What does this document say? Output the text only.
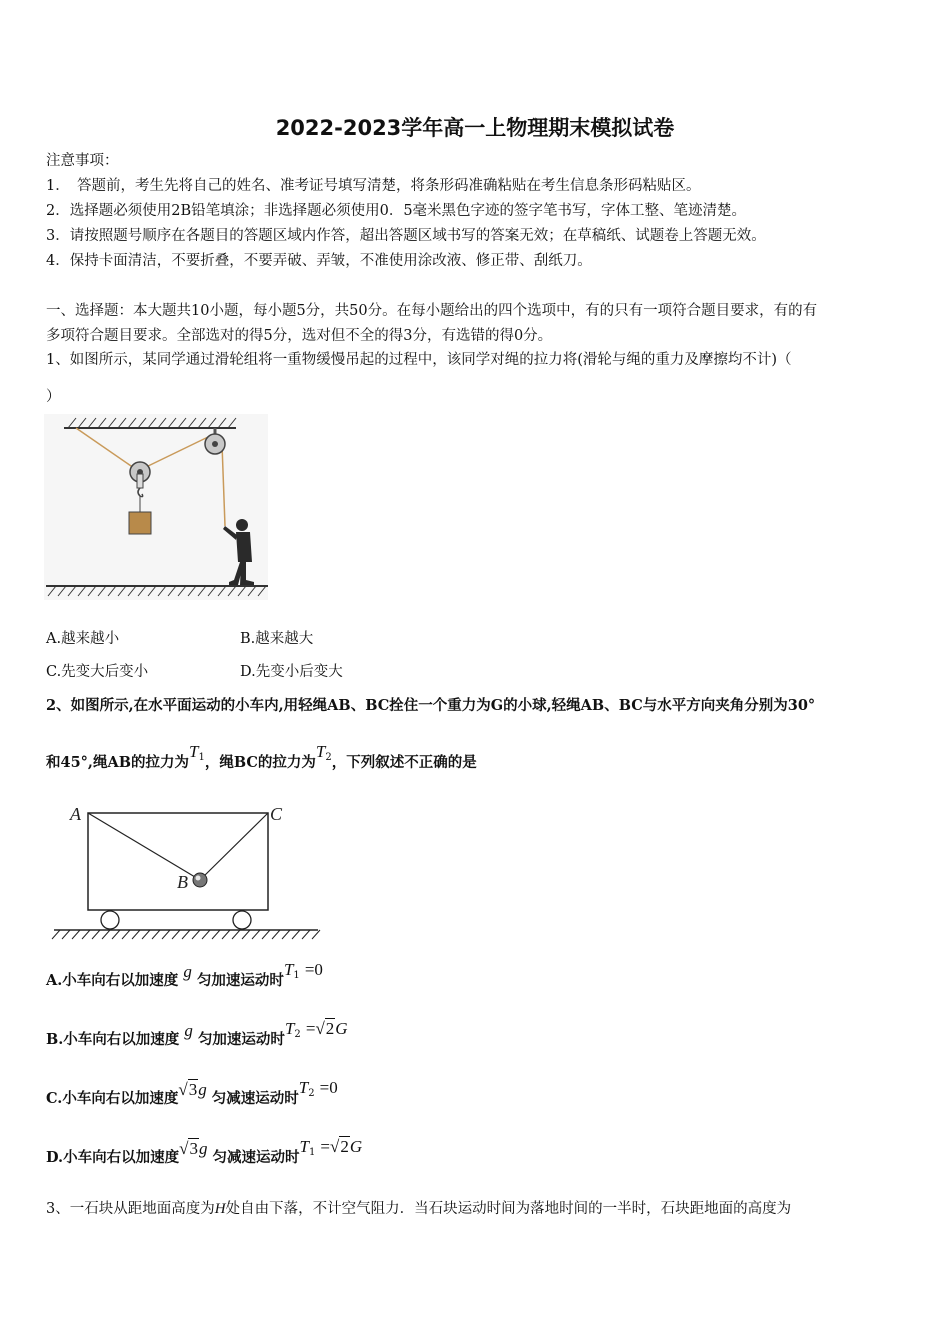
2022-2023学年高一上物理期末模拟试卷
注意事项：
1．　答题前，考生先将自己的姓名、准考证号填写清楚，将条形码准确粘贴在考生信息条形码粘贴区。
2．选择题必须使用2B铅笔填涂；非选择题必须使用0．5毫米黑色字迹的签字笔书写，字体工整、笔迹清楚。
3．请按照题号顺序在各题目的答题区域内作答，超出答题区域书写的答案无效；在草稿纸、试题卷上答题无效。
4．保持卡面清洁，不要折叠，不要弄破、弄皱，不准使用涂改液、修正带、刮纸刀。
一、选择题：本大题共10小题，每小题5分，共50分。在每小题给出的四个选项中，有的只有一项符合题目要求，有的有
多项符合题目要求。全部选对的得5分，选对但不全的得3分，有选错的得0分。
1、如图所示，某同学通过滑轮组将一重物缓慢吊起的过程中，该同学对绳的拉力将(滑轮与绳的重力及摩擦均不计)（
）
A.越来越小	B.越来越大
C.先变大后变小	D.先变小后变大
2、如图所示,在水平面运动的小车内,用轻绳AB、BC拴住一个重力为G的小球,轻绳AB、BC与水平方向夹角分别为30°
和45°,绳AB的拉力为$T_1$，绳BC的拉力为$T_2$，下列叙述不正确的是
A	C
B
A.小车向右以加速度 g 匀加速运动时$T_1 =0$
B.小车向右以加速度 g 匀加速运动时$T_2 =√2G$
C.小车向右以加速度√3g 匀减速运动时$T_2 =0$
D.小车向右以加速度√3g 匀减速运动时$T_1 =√2G$
3、一石块从距地面高度为H处自由下落，不计空气阻力．当石块运动时间为落地时间的一半时，石块距地面的高度为
